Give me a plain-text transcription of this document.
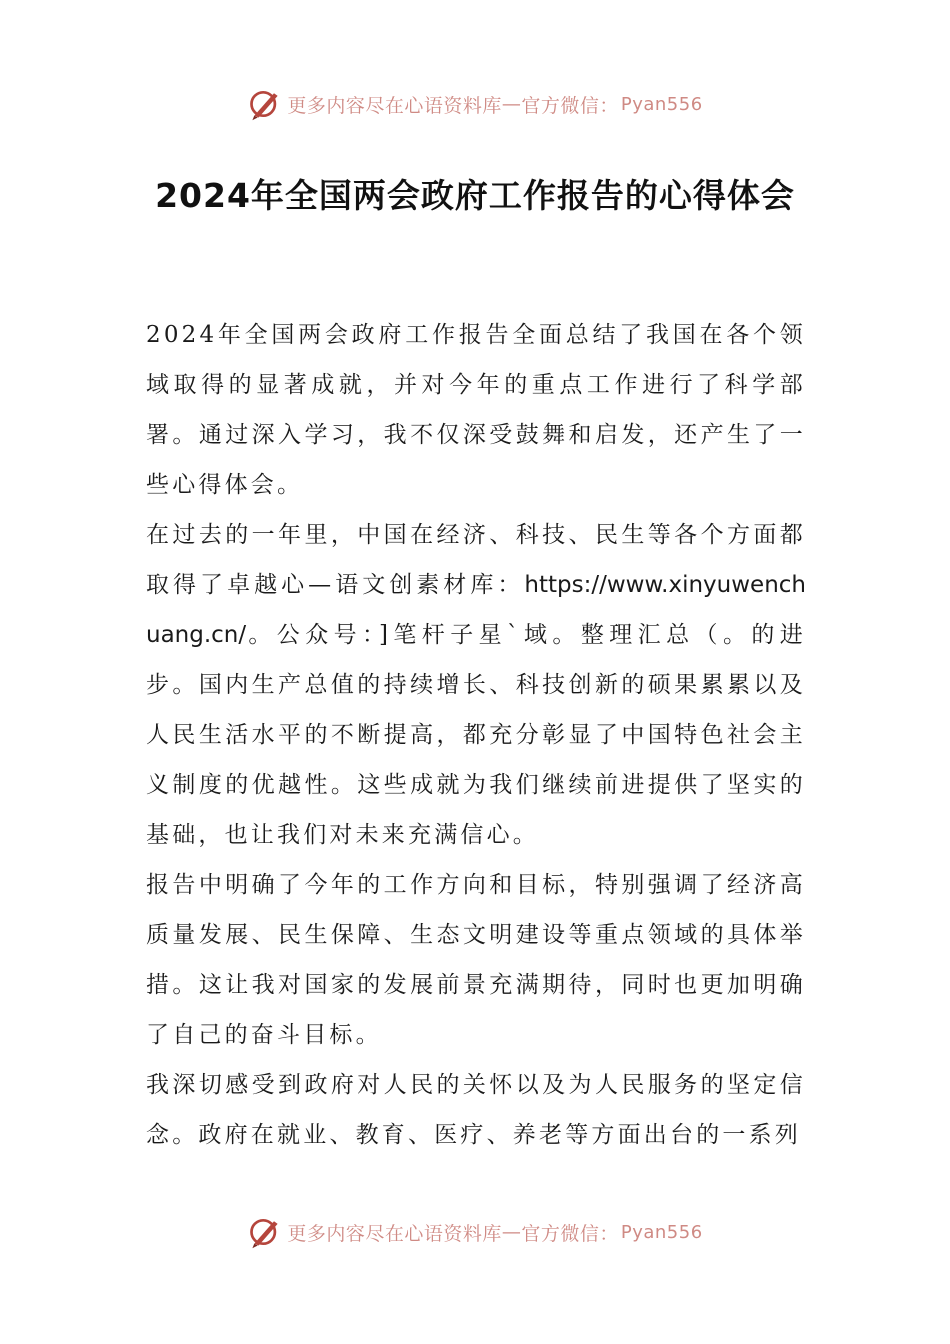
更多内容尽在心语资料库 — 官方微信： Pyan556
2024年全国两会政府工作报告的心得体会

2024年全国两会政府工作报告全面总结了我国在各个领域取得的显著成就，并对今年的重点工作进行了科学部署。通过深入学习，我不仅深受鼓舞和启发，还产生了一些心得体会。

在过去的一年里，中国在经济、科技、民生等各个方面都取得了卓越心—语文创素材库：https://www.xinyuwenchuang.cn/。公众号：]笔杆子星`域。整理汇总（。的进步。国内生产总值的持续增长、科技创新的硕果累累以及人民生活水平的不断提高，都充分彰显了中国特色社会主义制度的优越性。这些成就为我们继续前进提供了坚实的基础，也让我们对未来充满信心。

报告中明确了今年的工作方向和目标，特别强调了经济高质量发展、民生保障、生态文明建设等重点领域的具体举措。这让我对国家的发展前景充满期待，同时也更加明确了自己的奋斗目标。

我深切感受到政府对人民的关怀以及为人民服务的坚定信念。政府在就业、教育、医疗、养老等方面出台的一系列

更多内容尽在心语资料库 — 官方微信： Pyan556
